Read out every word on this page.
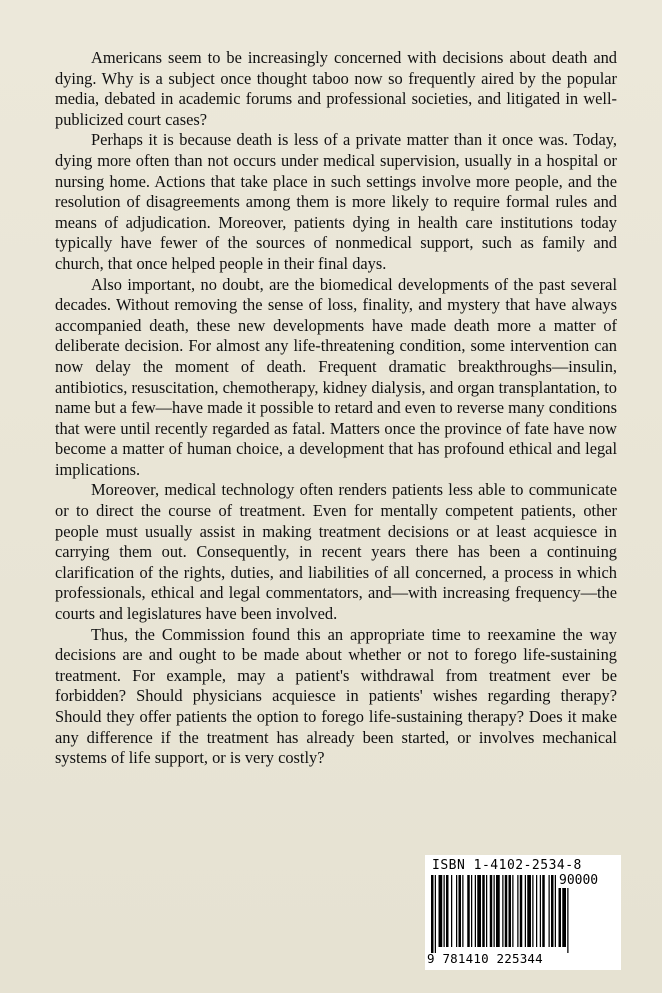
Americans seem to be increasingly concerned with decisions about death and dying. Why is a subject once thought taboo now so frequently aired by the popular media, debated in academic forums and professional societies, and litigated in well-publicized court cases?

Perhaps it is because death is less of a private matter than it once was. Today, dying more often than not occurs under medical supervision, usually in a hospital or nursing home. Actions that take place in such settings involve more people, and the resolution of disagreements among them is more likely to require formal rules and means of adjudication. Moreover, patients dying in health care institutions today typically have fewer of the sources of nonmedical support, such as family and church, that once helped people in their final days.

Also important, no doubt, are the biomedical developments of the past several decades. Without removing the sense of loss, finality, and mystery that have always accompanied death, these new developments have made death more a matter of deliberate decision. For almost any life-threatening condition, some intervention can now delay the moment of death. Frequent dramatic breakthroughs—insulin, antibiotics, resuscitation, chemotherapy, kidney dialysis, and organ transplantation, to name but a few—have made it possible to retard and even to reverse many conditions that were until recently regarded as fatal. Matters once the province of fate have now become a matter of human choice, a development that has profound ethical and legal implications.

Moreover, medical technology often renders patients less able to communicate or to direct the course of treatment. Even for mentally competent patients, other people must usually assist in making treatment decisions or at least acquiesce in carrying them out. Consequently, in recent years there has been a continuing clarification of the rights, duties, and liabilities of all concerned, a process in which professionals, ethical and legal commentators, and—with increasing frequency—the courts and legislatures have been involved.

Thus, the Commission found this an appropriate time to reexamine the way decisions are and ought to be made about whether or not to forego life-sustaining treatment. For example, may a patient's withdrawal from treatment ever be forbidden? Should physicians acquiesce in patients' wishes regarding therapy? Should they offer patients the option to forego life-sustaining therapy? Does it make any difference if the treatment has already been started, or involves mechanical systems of life support, or is very costly?

ISBN 1-4102-2534-8
90000
9 781410 225344
